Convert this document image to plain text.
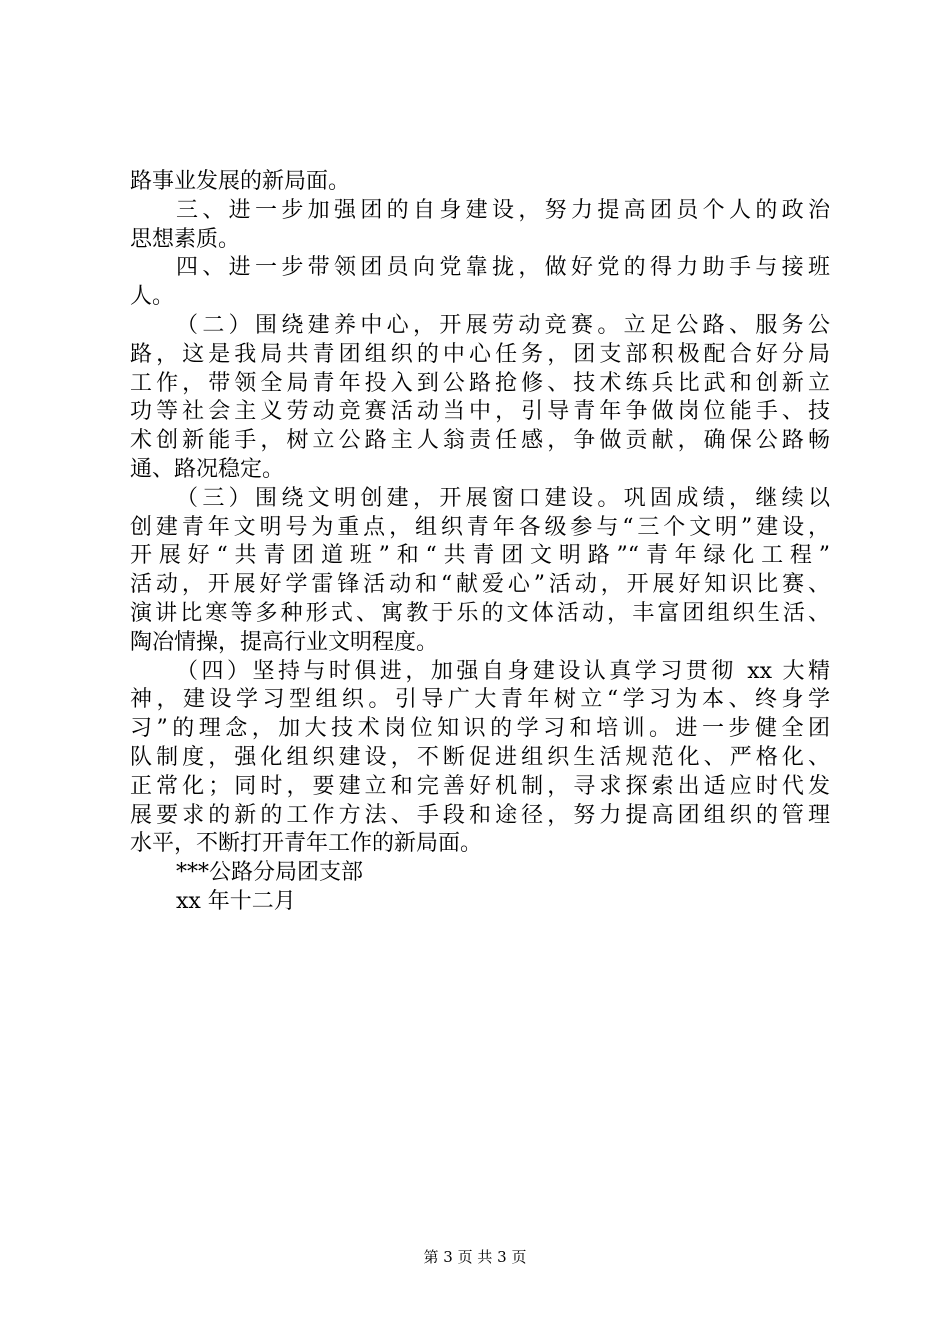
路事业发展的新局面。
三、进一步加强团的自身建设，努力提高团员个人的政治
思想素质。
四、进一步带领团员向党靠拢，做好党的得力助手与接班
人。
（二）围绕建养中心，开展劳动竞赛。立足公路、服务公
路，这是我局共青团组织的中心任务，团支部积极配合好分局
工作，带领全局青年投入到公路抢修、技术练兵比武和创新立
功等社会主义劳动竞赛活动当中，引导青年争做岗位能手、技
术创新能手，树立公路主人翁责任感，争做贡献，确保公路畅
通、路况稳定。
（三）围绕文明创建，开展窗口建设。巩固成绩，继续以
创建青年文明号为重点，组织青年各级参与“三个文明”建设，
开展好“共青团道班”和“共青团文明路”“青年绿化工程”
活动，开展好学雷锋活动和“献爱心”活动，开展好知识比赛、
演讲比寒等多种形式、寓教于乐的文体活动，丰富团组织生活、
陶冶情操，提高行业文明程度。
（四）坚持与时俱进，加强自身建设认真学习贯彻 xx 大精
神，建设学习型组织。引导广大青年树立“学习为本、终身学
习”的理念，加大技术岗位知识的学习和培训。进一步健全团
队制度，强化组织建设，不断促进组织生活规范化、严格化、
正常化；同时，要建立和完善好机制，寻求探索出适应时代发
展要求的新的工作方法、手段和途径，努力提高团组织的管理
水平，不断打开青年工作的新局面。
***公路分局团支部
xx 年十二月
第 3 页 共 3 页
